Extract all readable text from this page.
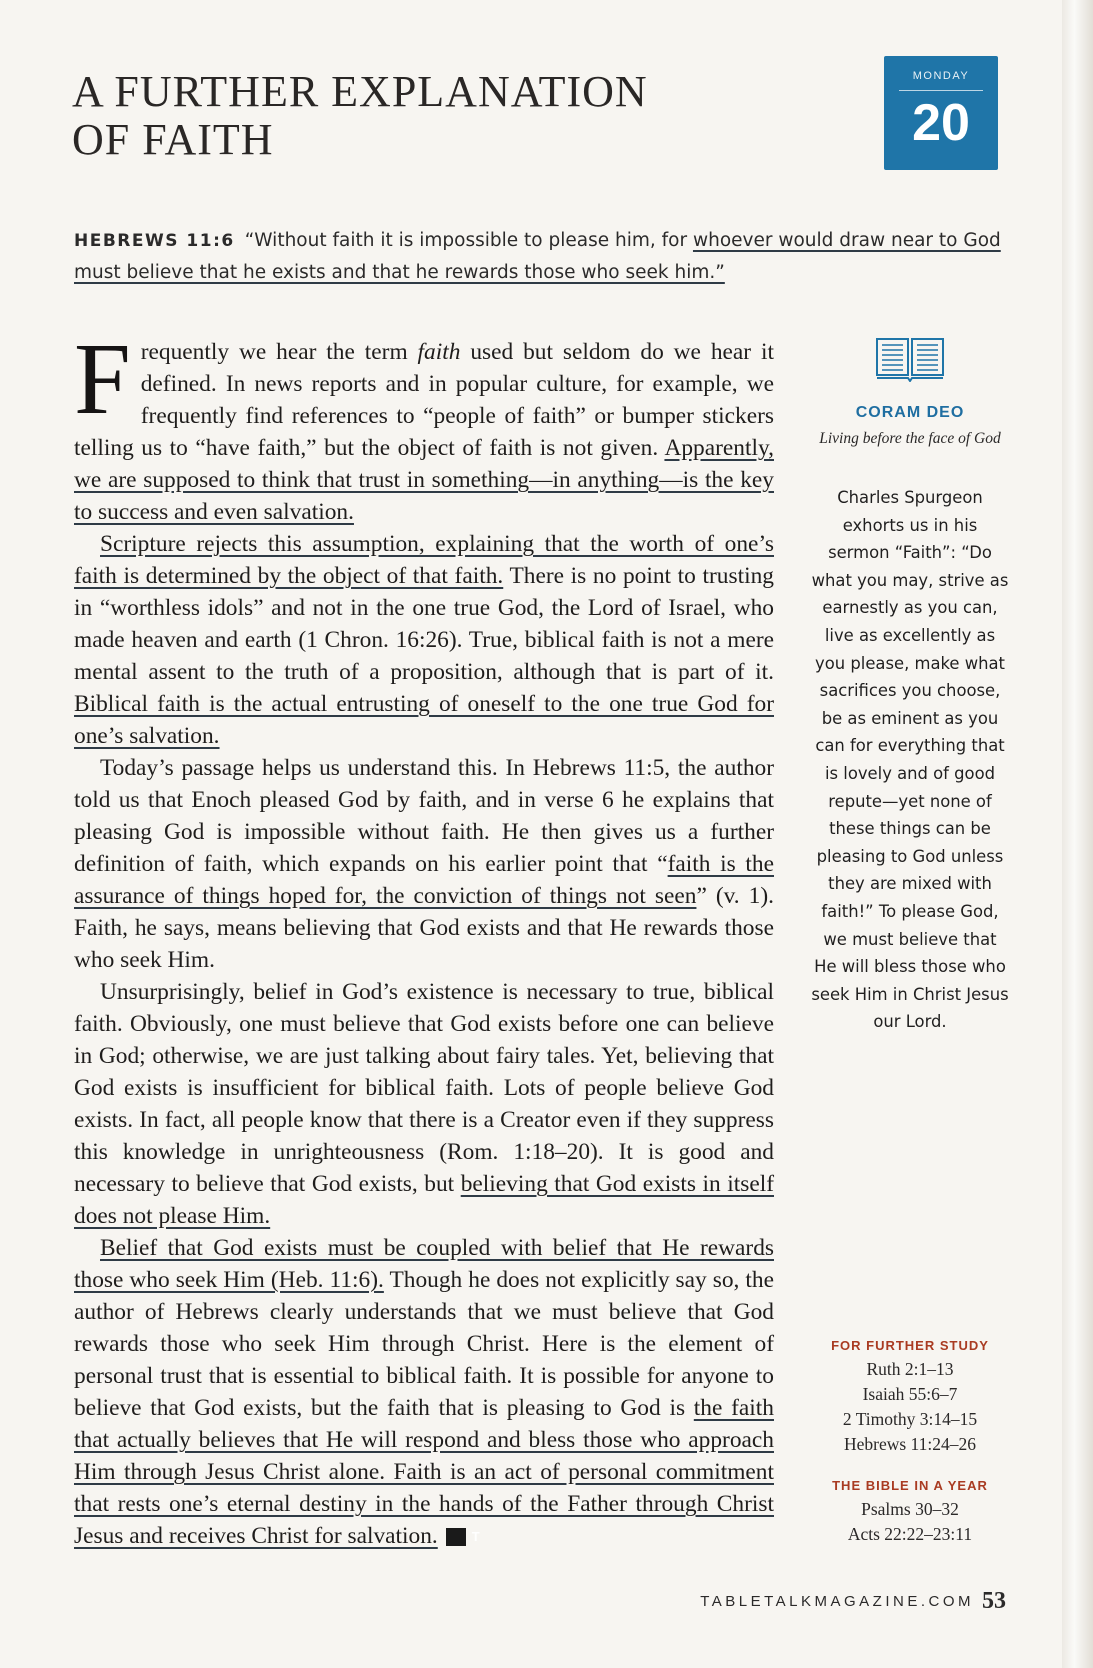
A FURTHER EXPLANATION
OF FAITH
MONDAY
20
HEBREWS 11:6 “Without faith it is impossible to please him, for whoever would draw near to God must believe that he exists and that he rewards those who seek him.”

Frequently we hear the term faith used but seldom do we hear it defined. In news reports and in popular culture, for example, we frequently find references to “people of faith” or bumper stickers telling us to “have faith,” but the object of faith is not given. Apparently, we are supposed to think that trust in something—in anything—is the key to success and even salvation.

Scripture rejects this assumption, explaining that the worth of one’s faith is determined by the object of that faith. There is no point to trusting in “worthless idols” and not in the one true God, the Lord of Israel, who made heaven and earth (1 Chron. 16:26). True, biblical faith is not a mere mental assent to the truth of a proposition, although that is part of it. Biblical faith is the actual entrusting of oneself to the one true God for one’s salvation.

Today’s passage helps us understand this. In Hebrews 11:5, the author told us that Enoch pleased God by faith, and in verse 6 he explains that pleasing God is impossible without faith. He then gives us a further definition of faith, which expands on his earlier point that “faith is the assurance of things hoped for, the conviction of things not seen” (v. 1). Faith, he says, means believing that God exists and that He rewards those who seek Him.

Unsurprisingly, belief in God’s existence is necessary to true, biblical faith. Obviously, one must believe that God exists before one can believe in God; otherwise, we are just talking about fairy tales. Yet, believing that God exists is insufficient for biblical faith. Lots of people believe God exists. In fact, all people know that there is a Creator even if they suppress this knowledge in unrighteousness (Rom. 1:18–20). It is good and necessary to believe that God exists, but believing that God exists in itself does not please Him.

Belief that God exists must be coupled with belief that He rewards those who seek Him (Heb. 11:6). Though he does not explicitly say so, the author of Hebrews clearly understands that we must believe that God rewards those who seek Him through Christ. Here is the element of personal trust that is essential to biblical faith. It is possible for anyone to believe that God exists, but the faith that is pleasing to God is the faith that actually believes that He will respond and bless those who approach Him through Jesus Christ alone. Faith is an act of personal commitment that rests one’s eternal destiny in the hands of the Father through Christ Jesus and receives Christ for salvation.	T

CORAM DEO
Living before the face of God
Charles Spurgeon exhorts us in his sermon “Faith”: “Do what you may, strive as earnestly as you can, live as excellently as you please, make what sacrifices you choose, be as eminent as you can for everything that is lovely and of good repute—yet none of these things can be pleasing to God unless they are mixed with faith!” To please God, we must believe that He will bless those who seek Him in Christ Jesus our Lord.
FOR FURTHER STUDY
Ruth 2:1–13
Isaiah 55:6–7
2 Timothy 3:14–15
Hebrews 11:24–26
THE BIBLE IN A YEAR
Psalms 30–32
Acts 22:22–23:11
TABLETALKMAGAZINE.COM 53
